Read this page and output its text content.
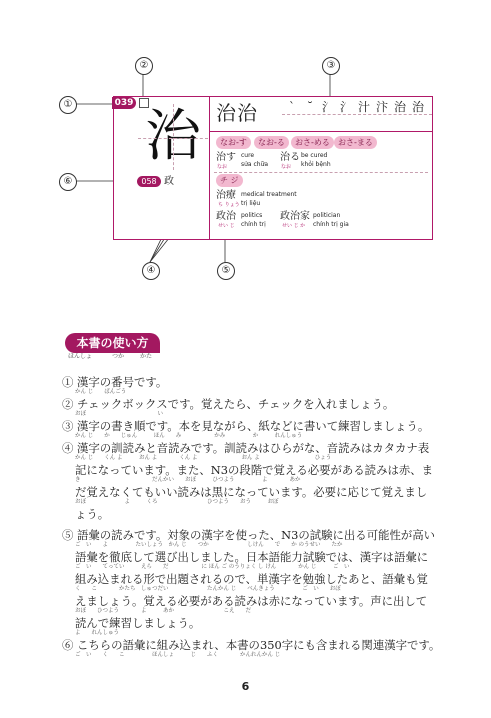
②	③
①
⑥
④	⑤
039
治 治治	`	˘ 氵 氵 汁 汴 治 治
なお-す	なお-る	おさ-める	おさ-まる
治す
なお
cure
sửa chữa
治る
なお
be cured
khỏi bệnh
チ ジ
058 政
治療
ち りょう
medical treatment
trị liệu
政治
せい じ
politics
chính trị
政治家
せい じ か
politician
chính trị gia
本書の使い方
ほんしょ	つか	かた
① 漢字の番号です。
かん じ　　ばんごう
② チェックボックスです。覚えたら、チェックを入れましょう。
おぼ　　　　　　　　　　　　　い
③ 漢字の書き順です。本を見ながら、紙などに書いて練習しましょう。
かん じ　　か　　じゅん　　　ほん　　み　　　　　　かみ　　　　　か　　　れんしゅう
④ 漢字の訓読みと音読みです。訓読みはひらがな、音読みはカタカナ表
かん じ　　くん よ　　　おん よ　　　　くん よ　　　　　　　　おん よ　　　　　　　　　　ひょう
記になっています。また、N3の段階で覚える必要がある読みは赤、ま
き　　　　　　　　　　　　　だんかい　　おぼ　　　ひつよう　　　　　よ　　　　あか
だ覚えなくてもいい読みは黒になっています。必要に応じて覚えまし
おぼ　　　　　　　よ　　　くろ　　　　　　　　　ひつよう　　おう　　　おぼ
ょう。
⑤ 語彙の読みです。対象の漢字を使った、N3の試験に出る可能性が高い
ご　い　　よ　　　　　たいしょう　かん じ　　つか　　　　　　　しけん　　で　　か のうせい　　たか
語彙を徹底して選び出しました。日本語能力試験では、漢字は語彙に
ご　い　　てってい　　　えら　　だ　　　　　　に ほん ご のうりょく し けん　　　　かん じ　　　ご　い
組み込まれる形で出題されるので、単漢字を勉強したあと、語彙も覚
く　　こ　　　　かたち　しゅつだい　　　　　　　たんかん じ　　べんきょう　　　　　ご　い　　おぼ
えましょう。覚える必要がある読みは赤になっています。声に出して
おぼ　　ひつよう　　　　よ　　　あか　　　　　　　　　こえ　　だ
読んで練習しましょう。
よ　　れんしゅう
⑥ こちらの語彙に組み込まれ、本書の350字にも含まれる関連漢字です。
ご　い　　く　　こ　　　　　ほんしょ　　　じ　　ふく　　　　かんれんかん じ
6
